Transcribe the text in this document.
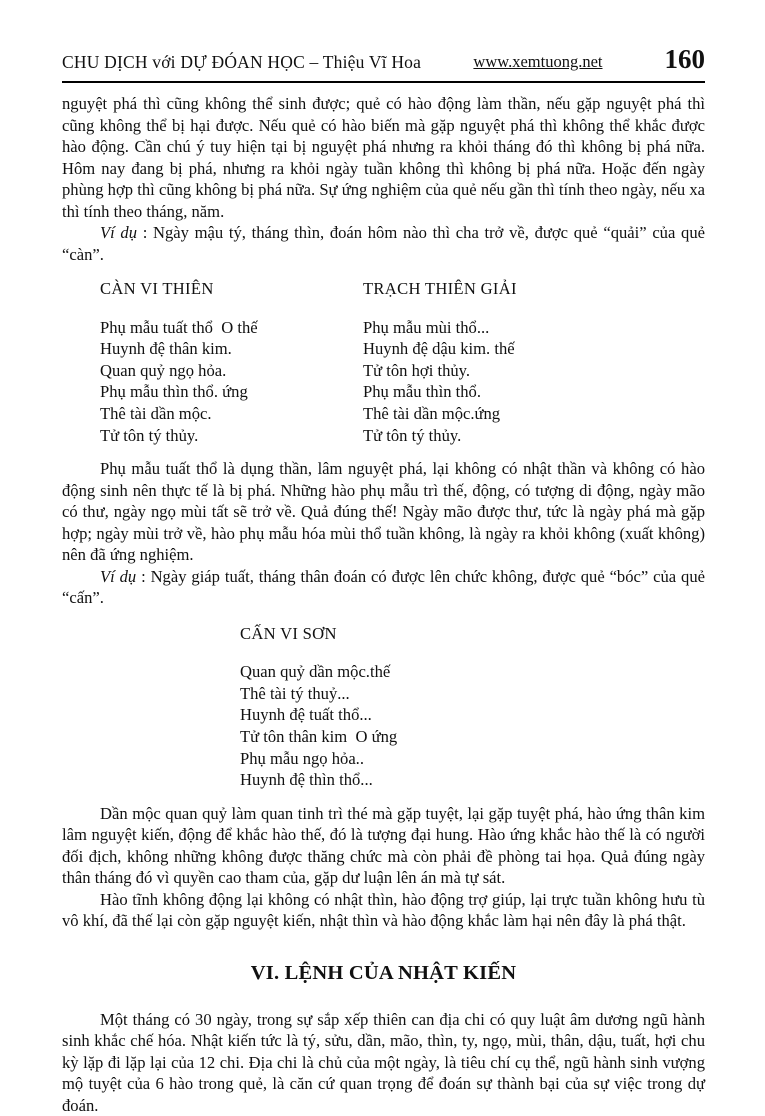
CHU DỊCH với DỰ ĐÓAN HỌC – Thiệu Vĩ Hoa	www.xemtuong.net 160

nguyệt phá thì cũng không thể sinh được; quẻ có hào động làm thần, nếu gặp nguyệt phá thì cũng không thể bị hại được. Nếu quẻ có hào biến mà gặp nguyệt phá thì không thể khắc được hào động. Cần chú ý tuy hiện tại bị nguyệt phá nhưng ra khỏi tháng đó thì không bị phá nữa. Hôm nay đang bị phá, nhưng ra khỏi ngày tuần không thì không bị phá nữa. Hoặc đến ngày phùng hợp thì cũng không bị phá nữa. Sự ứng nghiệm của quẻ nếu gần thì tính theo ngày, nếu xa thì tính theo tháng, năm.

Ví dụ : Ngày mậu tý, tháng thìn, đoán hôm nào thì cha trở về, được quẻ “quải” của quẻ “càn”.

CÀN VI THIÊN
Phụ mẫu tuất thổ  O thế
Huynh đệ thân kim.
Quan quỷ ngọ hỏa.
Phụ mẫu thìn thổ. ứng
Thê tài dần mộc.
Tử tôn tý thủy.
TRẠCH THIÊN GIẢI
Phụ mẫu mùi thổ...
Huynh đệ dậu kim. thế
Tử tôn hợi thủy.
Phụ mẫu thìn thổ.
Thê tài dần mộc.ứng
Tử tôn tý thủy.

Phụ mẫu tuất thổ là dụng thần, lâm nguyệt phá, lại không có nhật thần và không có hào động sinh nên thực tế là bị phá. Những hào phụ mẫu trì thế, động, có tượng di động, ngày mão có thư, ngày ngọ mùi tất sẽ trở về. Quả đúng thế! Ngày mão được thư, tức là ngày phá mà gặp hợp; ngày mùi trở về, hào phụ mẫu hóa mùi thổ tuần không, là ngày ra khỏi không (xuất không) nên đã ứng nghiệm.

Ví dụ : Ngày giáp tuất, tháng thân đoán có được lên chức không, được quẻ “bóc” của quẻ “cấn”.

CẤN VI SƠN
Quan quỷ dần mộc.thế
Thê tài tý thuỷ...
Huynh đệ tuất thổ...
Tử tôn thân kim  O ứng
Phụ mẫu ngọ hỏa..
Huynh đệ thìn thổ...

Dần mộc quan quỷ làm quan tinh trì thé mà gặp tuyệt, lại gặp tuyệt phá, hào ứng thân kim lâm nguyệt kiến, động để khắc hào thế, đó là tượng đại hung. Hào ứng khắc hào thế là có người đối địch, không những không được thăng chức mà còn phải đề phòng tai họa. Quả đúng ngày thân tháng đó vì quyền cao tham của, gặp dư luận lên án mà tự sát.

Hào tĩnh không động lại không có nhật thìn, hào động trợ giúp, lại trực tuần không hưu tù vô khí, đã thế lại còn gặp nguyệt kiến, nhật thìn và hào động khắc làm hại nên đây là phá thật.

VI. LỆNH CỦA NHẬT KIẾN

Một tháng có 30 ngày, trong sự sắp xếp thiên can địa chi có quy luật âm dương ngũ hành sinh khắc chế hóa. Nhật kiến tức là tý, sửu, dần, mão, thìn, ty, ngọ, mùi, thân, dậu, tuất, hợi chu kỳ lặp đi lặp lại của 12 chi. Địa chi là chủ của một ngày, là tiêu chí cụ thể, ngũ hành sinh vượng mộ tuyệt của 6 hào trong quẻ, là căn cứ quan trọng để đoán sự thành bại của sự việc trong dự đoán.
